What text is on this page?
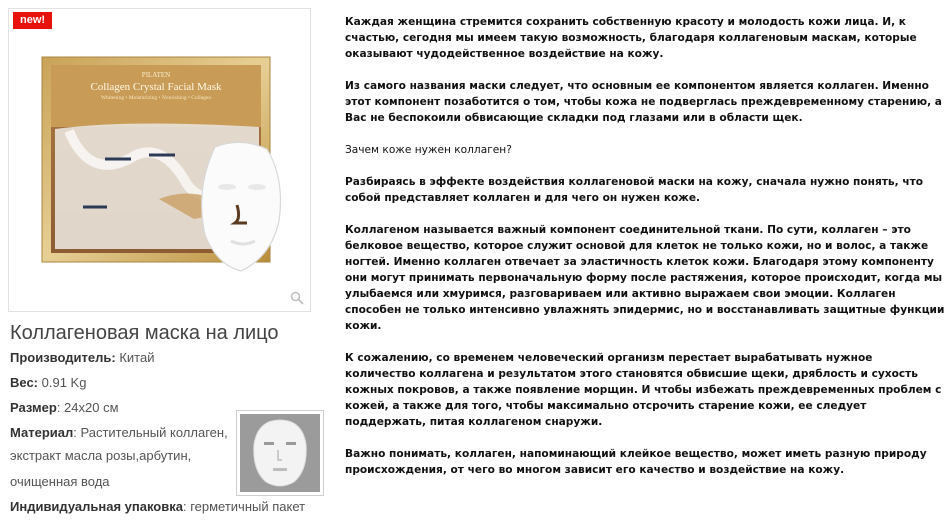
new!
PILATEN
Collagen Crystal Facial Mask
Whitening • Moisturizing • Nourishing • Collagen
Коллагеновая маска на лицо
Производитель: Китай
Вес: 0.91 Kg
Размер: 24х20 см
Материал: Растительный коллаген,
экстракт масла розы,арбутин,
очищенная вода
Индивидуальная упаковка: герметичный пакет

Каждая женщина стремится сохранить собственную красоту и молодость кожи лица. И, к счастью, сегодня мы имеем такую возможность, благодаря коллагеновым маскам, которые оказывают чудодейственное воздействие на кожу.

Из самого названия маски следует, что основным ее компонентом является коллаген. Именно этот компонент позаботится о том, чтобы кожа не подверглась преждевременному старению, а Вас не беспокоили обвисающие складки под глазами или в области щек.

Зачем коже нужен коллаген?

Разбираясь в эффекте воздействия коллагеновой маски на кожу, сначала нужно понять, что собой представляет коллаген и для чего он нужен коже.

Коллагеном называется важный компонент соединительной ткани. По сути, коллаген – это белковое вещество, которое служит основой для клеток не только кожи, но и волос, а также ногтей. Именно коллаген отвечает за эластичность клеток кожи. Благодаря этому компоненту они могут принимать первоначальную форму после растяжения, которое происходит, когда мы улыбаемся или хмуримся, разговариваем или активно выражаем свои эмоции. Коллаген способен не только интенсивно увлажнять эпидермис, но и восстанавливать защитные функции кожи.

К сожалению, со временем человеческий организм перестает вырабатывать нужное количество коллагена и результатом этого становятся обвисшие щеки, дряблость и сухость кожных покровов, а также появление морщин. И чтобы избежать преждевременных проблем с кожей, а также для того, чтобы максимально отсрочить старение кожи, ее следует поддержать, питая коллагеном снаружи.

Важно понимать, коллаген, напоминающий клейкое вещество, может иметь разную природу происхождения, от чего во многом зависит его качество и воздействие на кожу.
